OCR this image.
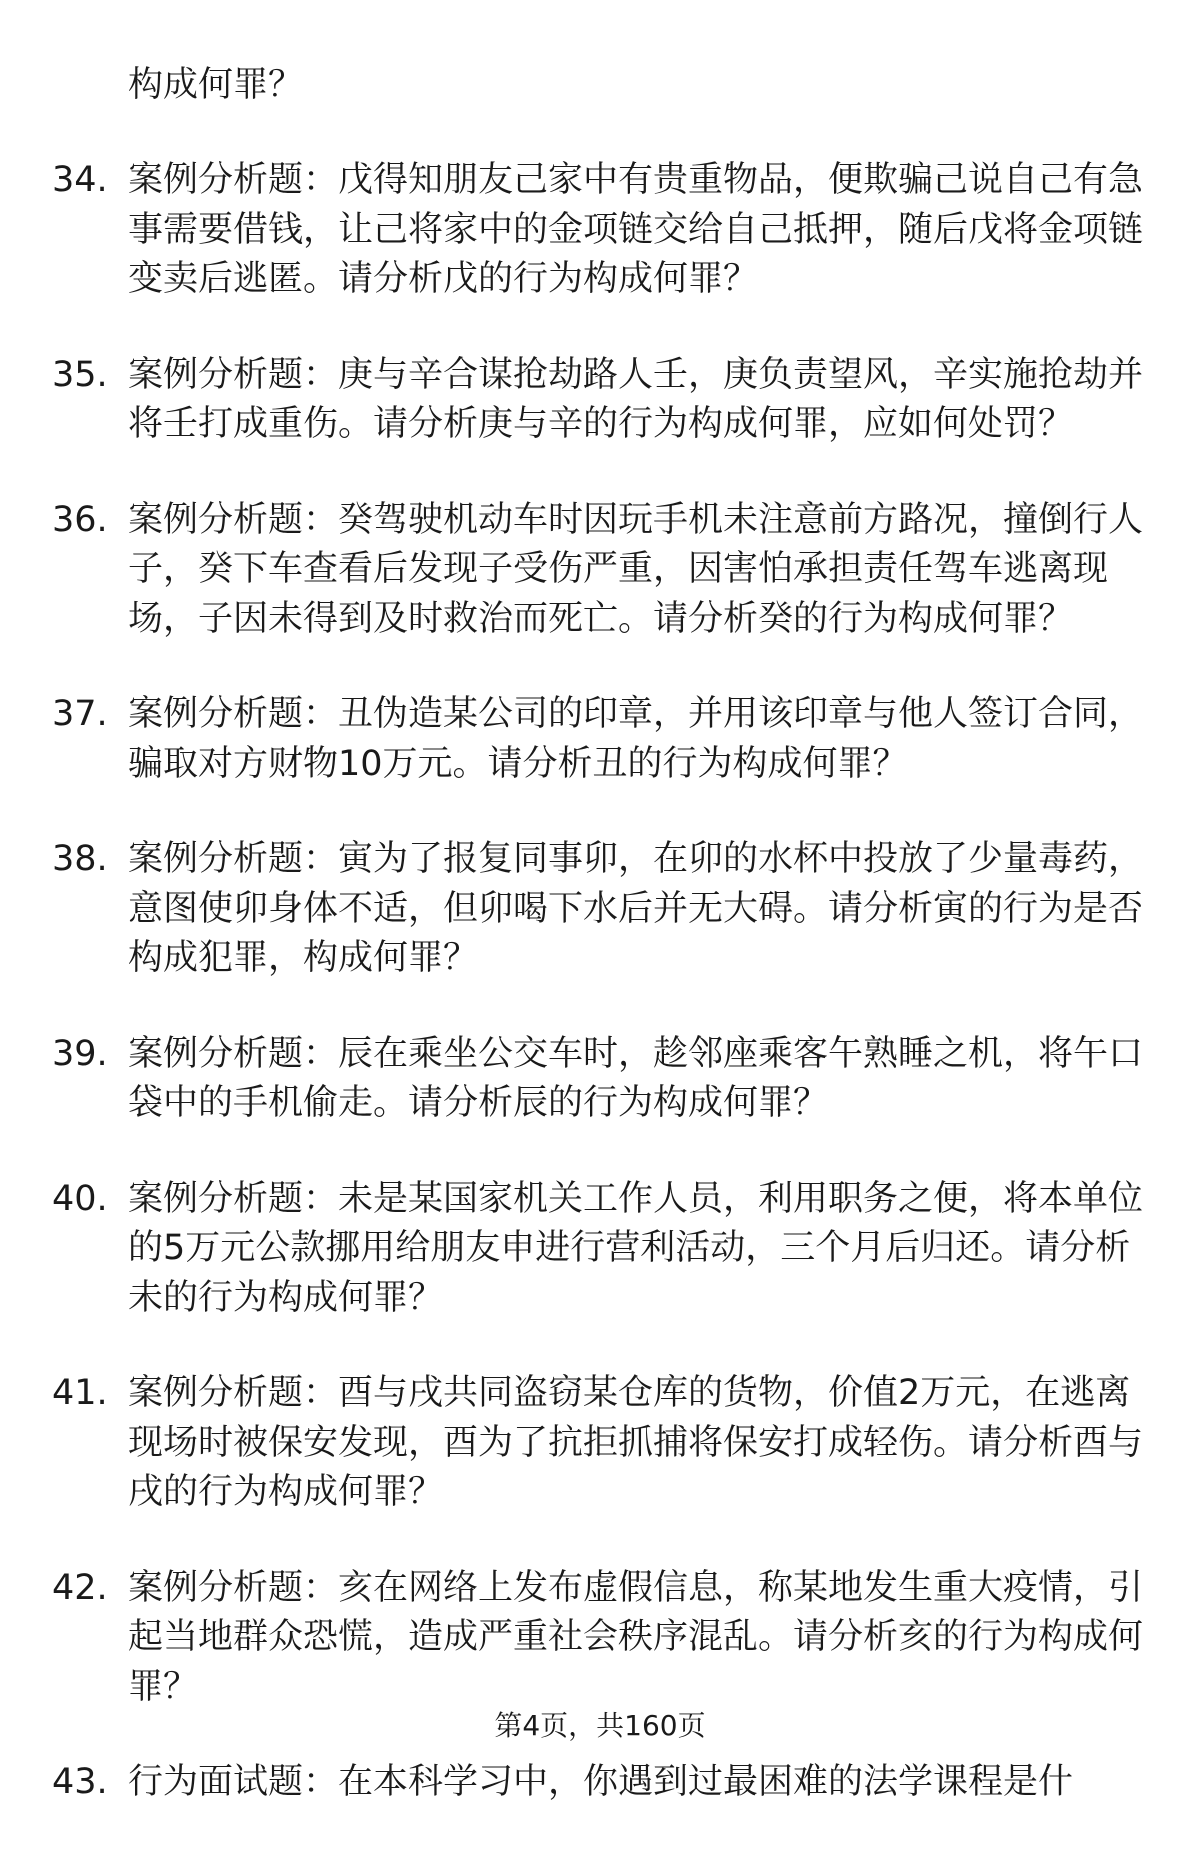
构成何罪？
34. 案例分析题：戊得知朋友己家中有贵重物品，便欺骗己说自己有急事需要借钱，让己将家中的金项链交给自己抵押，随后戊将金项链变卖后逃匿。请分析戊的行为构成何罪？
35. 案例分析题：庚与辛合谋抢劫路人壬，庚负责望风，辛实施抢劫并将壬打成重伤。请分析庚与辛的行为构成何罪，应如何处罚？
36. 案例分析题：癸驾驶机动车时因玩手机未注意前方路况，撞倒行人子，癸下车查看后发现子受伤严重，因害怕承担责任驾车逃离现场，子因未得到及时救治而死亡。请分析癸的行为构成何罪？
37. 案例分析题：丑伪造某公司的印章，并用该印章与他人签订合同，骗取对方财物10万元。请分析丑的行为构成何罪？
38. 案例分析题：寅为了报复同事卯，在卯的水杯中投放了少量毒药，意图使卯身体不适，但卯喝下水后并无大碍。请分析寅的行为是否构成犯罪，构成何罪？
39. 案例分析题：辰在乘坐公交车时，趁邻座乘客午熟睡之机，将午口袋中的手机偷走。请分析辰的行为构成何罪？
40. 案例分析题：未是某国家机关工作人员，利用职务之便，将本单位的5万元公款挪用给朋友申进行营利活动，三个月后归还。请分析未的行为构成何罪？
41. 案例分析题：酉与戌共同盗窃某仓库的货物，价值2万元，在逃离现场时被保安发现，酉为了抗拒抓捕将保安打成轻伤。请分析酉与戌的行为构成何罪？
42. 案例分析题：亥在网络上发布虚假信息，称某地发生重大疫情，引起当地群众恐慌，造成严重社会秩序混乱。请分析亥的行为构成何罪？
43. 行为面试题：在本科学习中，你遇到过最困难的法学课程是什
第4页，共160页
